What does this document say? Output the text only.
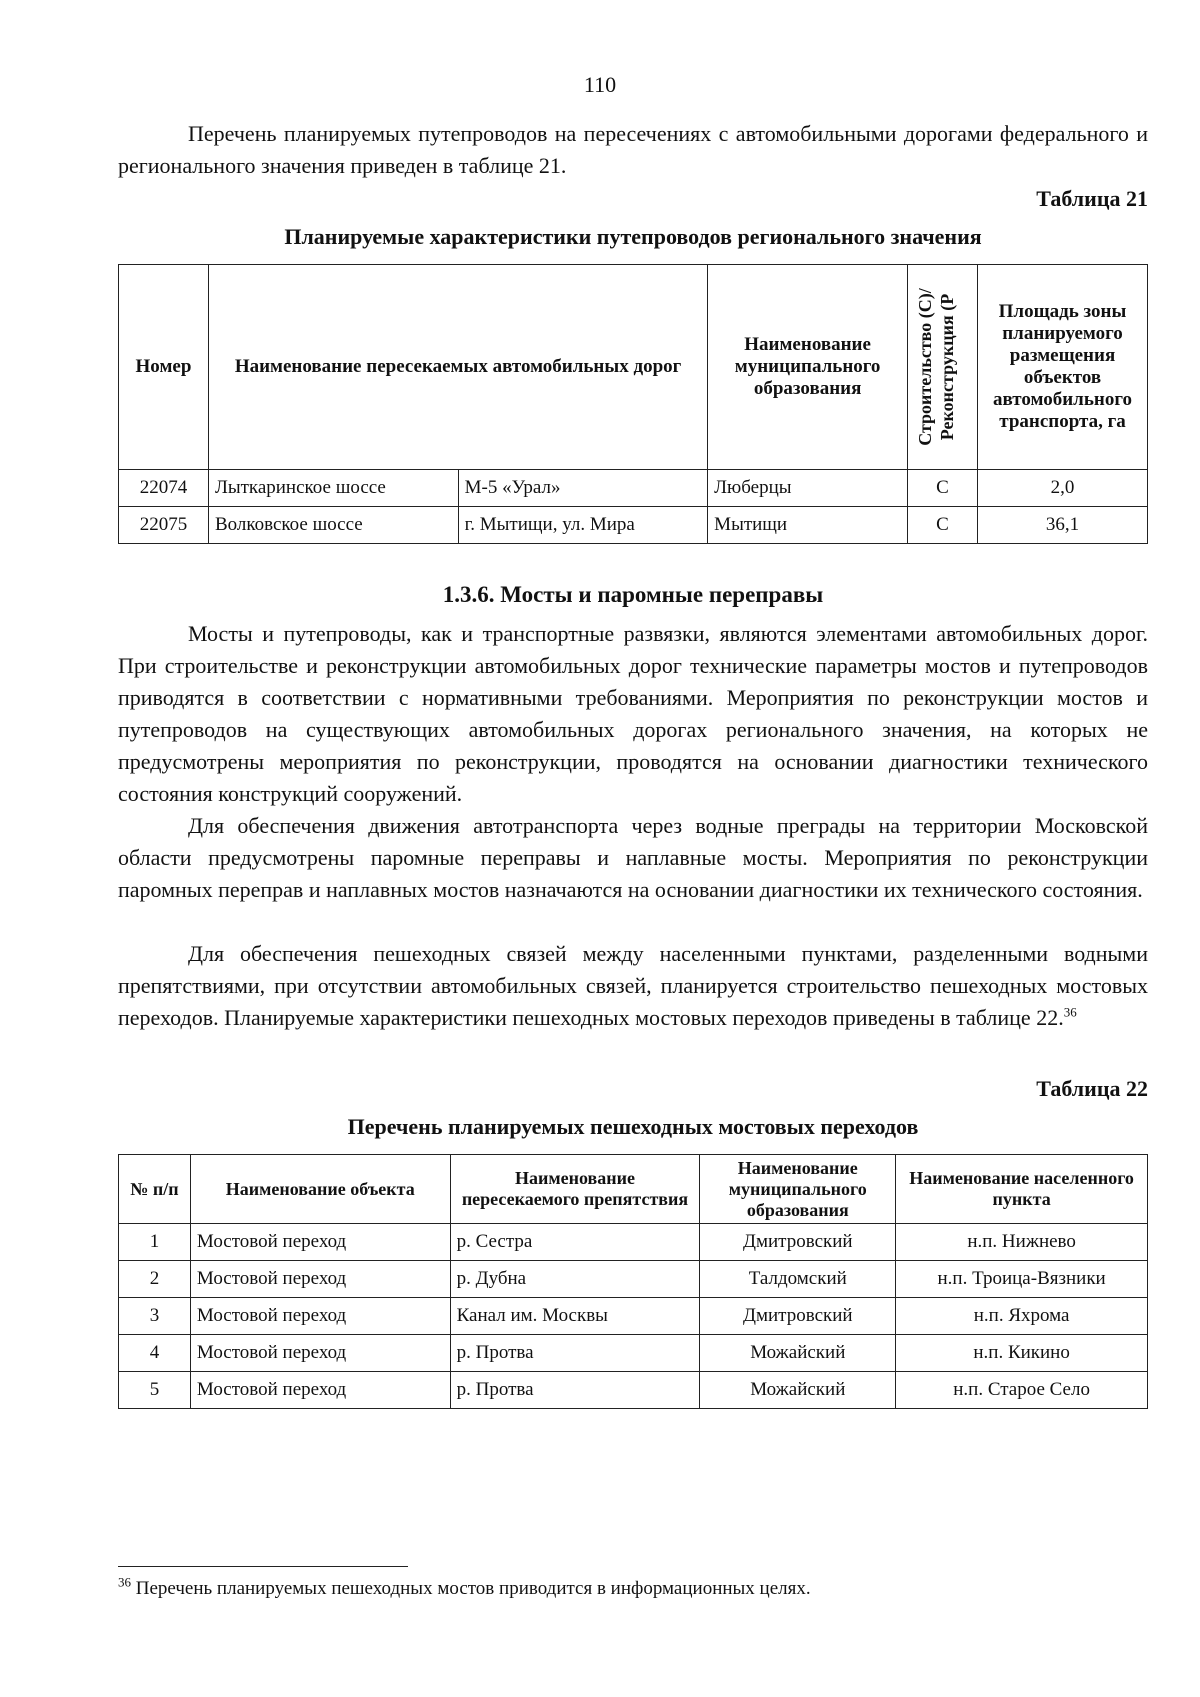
110

Перечень планируемых путепроводов на пересечениях с автомобильными дорогами федерального и регионального значения приведен в таблице 21.

Таблица 21
Планируемые характеристики путепроводов регионального значения
Номер	Наименование пересекаемых автомобильных дорог		Наименование муниципального образования	Строительство (С)/ Реконструкция (Р	Площадь зоны планируемого размещения объектов автомобильного транспорта, га
22074	Лыткаринское шоссе	М-5 «Урал»	Люберцы	С	2,0
22075	Волковское шоссе	г. Мытищи, ул. Мира	Мытищи	С	36,1
1.3.6. Мосты и паромные переправы

Мосты и путепроводы, как и транспортные развязки, являются элементами автомобильных дорог. При строительстве и реконструкции автомобильных дорог технические параметры мостов и путепроводов приводятся в соответствии с нормативными требованиями. Мероприятия по реконструкции мостов и путепроводов на существующих автомобильных дорогах регионального значения, на которых не предусмотрены мероприятия по реконструкции, проводятся на основании диагностики технического состояния конструкций сооружений.

Для обеспечения движения автотранспорта через водные преграды на территории Московской области предусмотрены паромные переправы и наплавные мосты. Мероприятия по реконструкции паромных переправ и наплавных мостов назначаются на основании диагностики их технического состояния.

Для обеспечения пешеходных связей между населенными пунктами, разделенными водными препятствиями, при отсутствии автомобильных связей, планируется строительство пешеходных мостовых переходов. Планируемые характеристики пешеходных мостовых переходов приведены в таблице 22.36

Таблица 22
Перечень планируемых пешеходных мостовых переходов
№ п/п	Наименование объекта	Наименование пересекаемого препятствия	Наименование муниципального образования	Наименование населенного пункта
1	Мостовой переход	р. Сестра	Дмитровский	н.п. Нижнево
2	Мостовой переход	р. Дубна	Талдомский	н.п. Троица-Вязники
3	Мостовой переход	Канал им. Москвы	Дмитровский	н.п. Яхрома
4	Мостовой переход	р. Протва	Можайский	н.п. Кикино
5	Мостовой переход	р. Протва	Можайский	н.п. Старое Село
$^{36}$ Перечень планируемых пешеходных мостов приводится в информационных целях.
